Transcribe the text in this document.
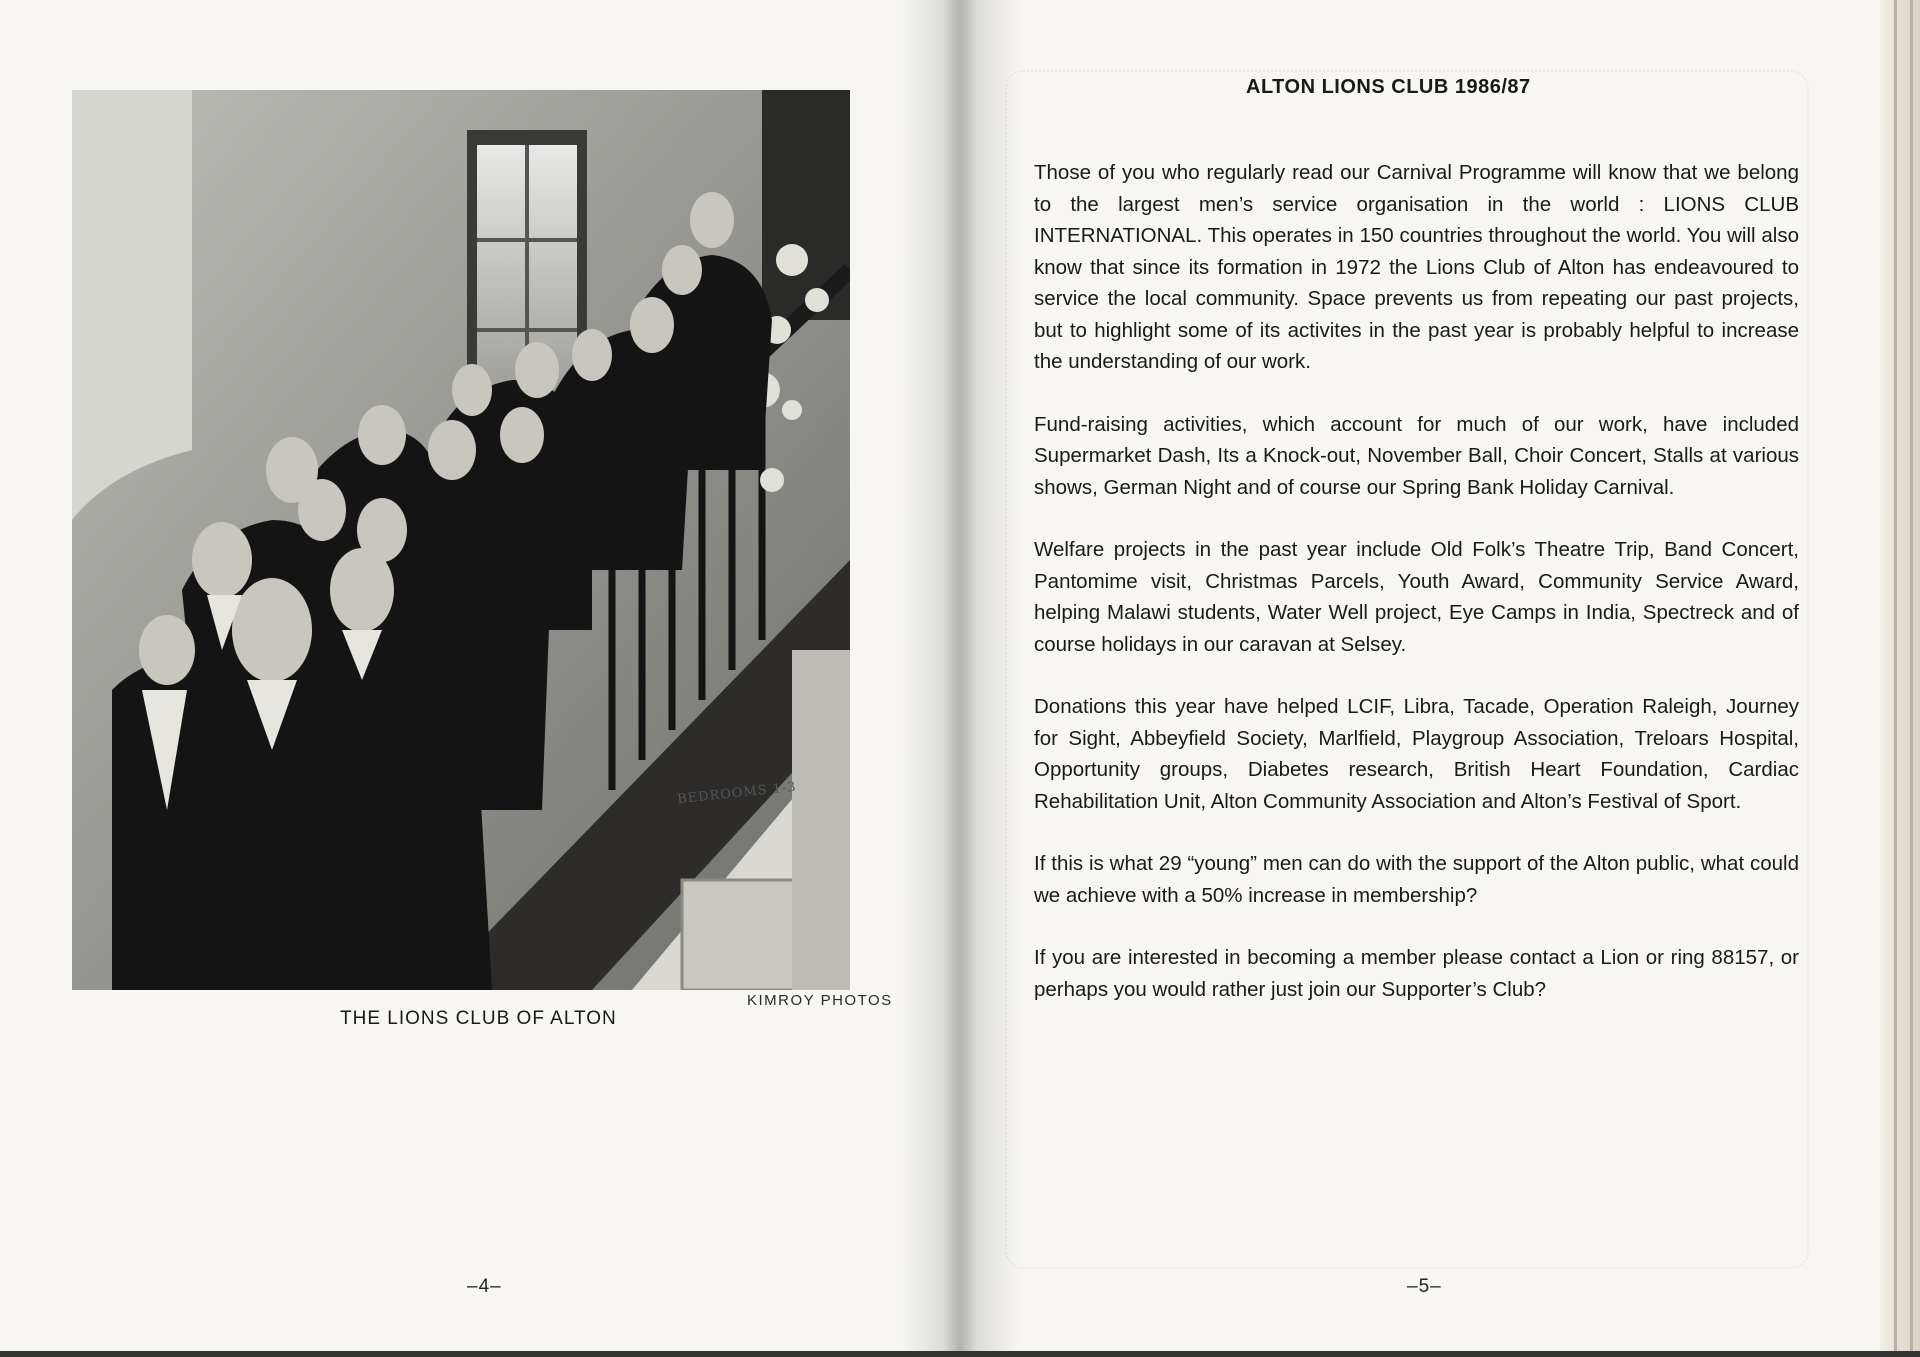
BEDROOMS 1-3
THE LIONS CLUB OF ALTON
KIMROY PHOTOS
–4–
ALTON LIONS CLUB 1986/87

Those of you who regularly read our Carnival Programme will know that we belong to the largest men’s service organisation in the world : LIONS CLUB INTERNATIONAL. This operates in 150 countries throughout the world. You will also know that since its formation in 1972 the Lions Club of Alton has endeavoured to service the local community. Space prevents us from repeating our past projects, but to highlight some of its activites in the past year is probably helpful to increase the understanding of our work.

Fund-raising activities, which account for much of our work, have included Supermarket Dash, Its a Knock-out, November Ball, Choir Concert, Stalls at various shows, German Night and of course our Spring Bank Holiday Carnival.

Welfare projects in the past year include Old Folk’s Theatre Trip, Band Concert, Pantomime visit, Christmas Parcels, Youth Award, Community Service Award, helping Malawi students, Water Well project, Eye Camps in India, Spectreck and of course holidays in our caravan at Selsey.

Donations this year have helped LCIF, Libra, Tacade, Operation Raleigh, Journey for Sight, Abbeyfield Society, Marlfield, Playgroup Association, Treloars Hospital, Opportunity groups, Diabetes research, British Heart Foundation, Cardiac Rehabilitation Unit, Alton Community Association and Alton’s Festival of Sport.

If this is what 29 “young” men can do with the support of the Alton public, what could we achieve with a 50% increase in membership?

If you are interested in becoming a member please contact a Lion or ring 88157, or perhaps you would rather just join our Supporter’s Club?

–5–
